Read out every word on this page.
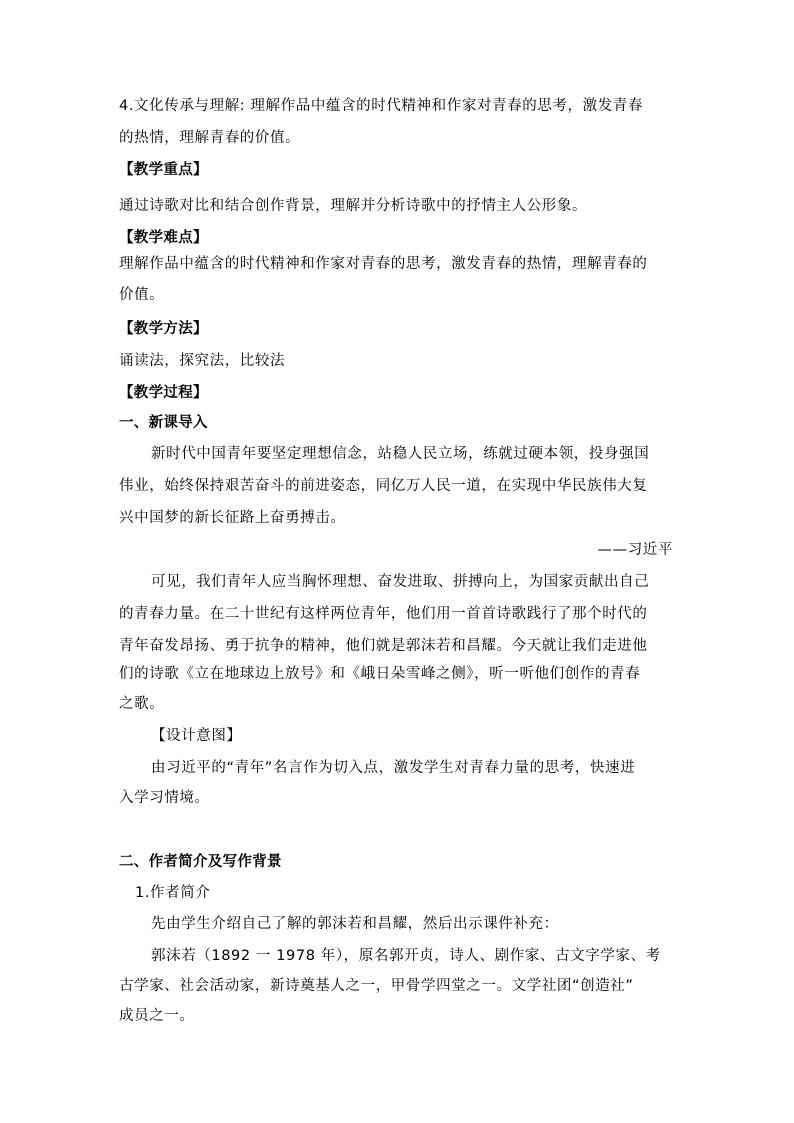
4.文化传承与理解: 理解作品中蕴含的时代精神和作家对青春的思考，激发青春
的热情，理解青春的价值。
【教学重点】
通过诗歌对比和结合创作背景，理解并分析诗歌中的抒情主人公形象。
【教学难点】
理解作品中蕴含的时代精神和作家对青春的思考，激发青春的热情，理解青春的
价值。
【教学方法】
诵读法，探究法，比较法
【教学过程】
一、新课导入
新时代中国青年要坚定理想信念，站稳人民立场，练就过硬本领，投身强国
伟业，始终保持艰苦奋斗的前进姿态，同亿万人民一道，在实现中华民族伟大复
兴中国梦的新长征路上奋勇搏击。
——习近平
可见，我们青年人应当胸怀理想、奋发进取、拼搏向上，为国家贡献出自己
的青春力量。在二十世纪有这样两位青年，他们用一首首诗歌践行了那个时代的
青年奋发昂扬、勇于抗争的精神，他们就是郭沫若和昌耀。今天就让我们走进他
们的诗歌《立在地球边上放号》和《峨日朵雪峰之侧》，听一听他们创作的青春
之歌。
【设计意图】
由习近平的“青年”名言作为切入点，激发学生对青春力量的思考，快速进
入学习情境。
二、作者简介及写作背景
1.作者简介
先由学生介绍自己了解的郭沫若和昌耀，然后出示课件补充：
郭沫若（1892 一 1978 年），原名郭开贞，诗人、剧作家、古文字学家、考
古学家、社会活动家，新诗奠基人之一，甲骨学四堂之一。文学社团“创造社”
成员之一。
